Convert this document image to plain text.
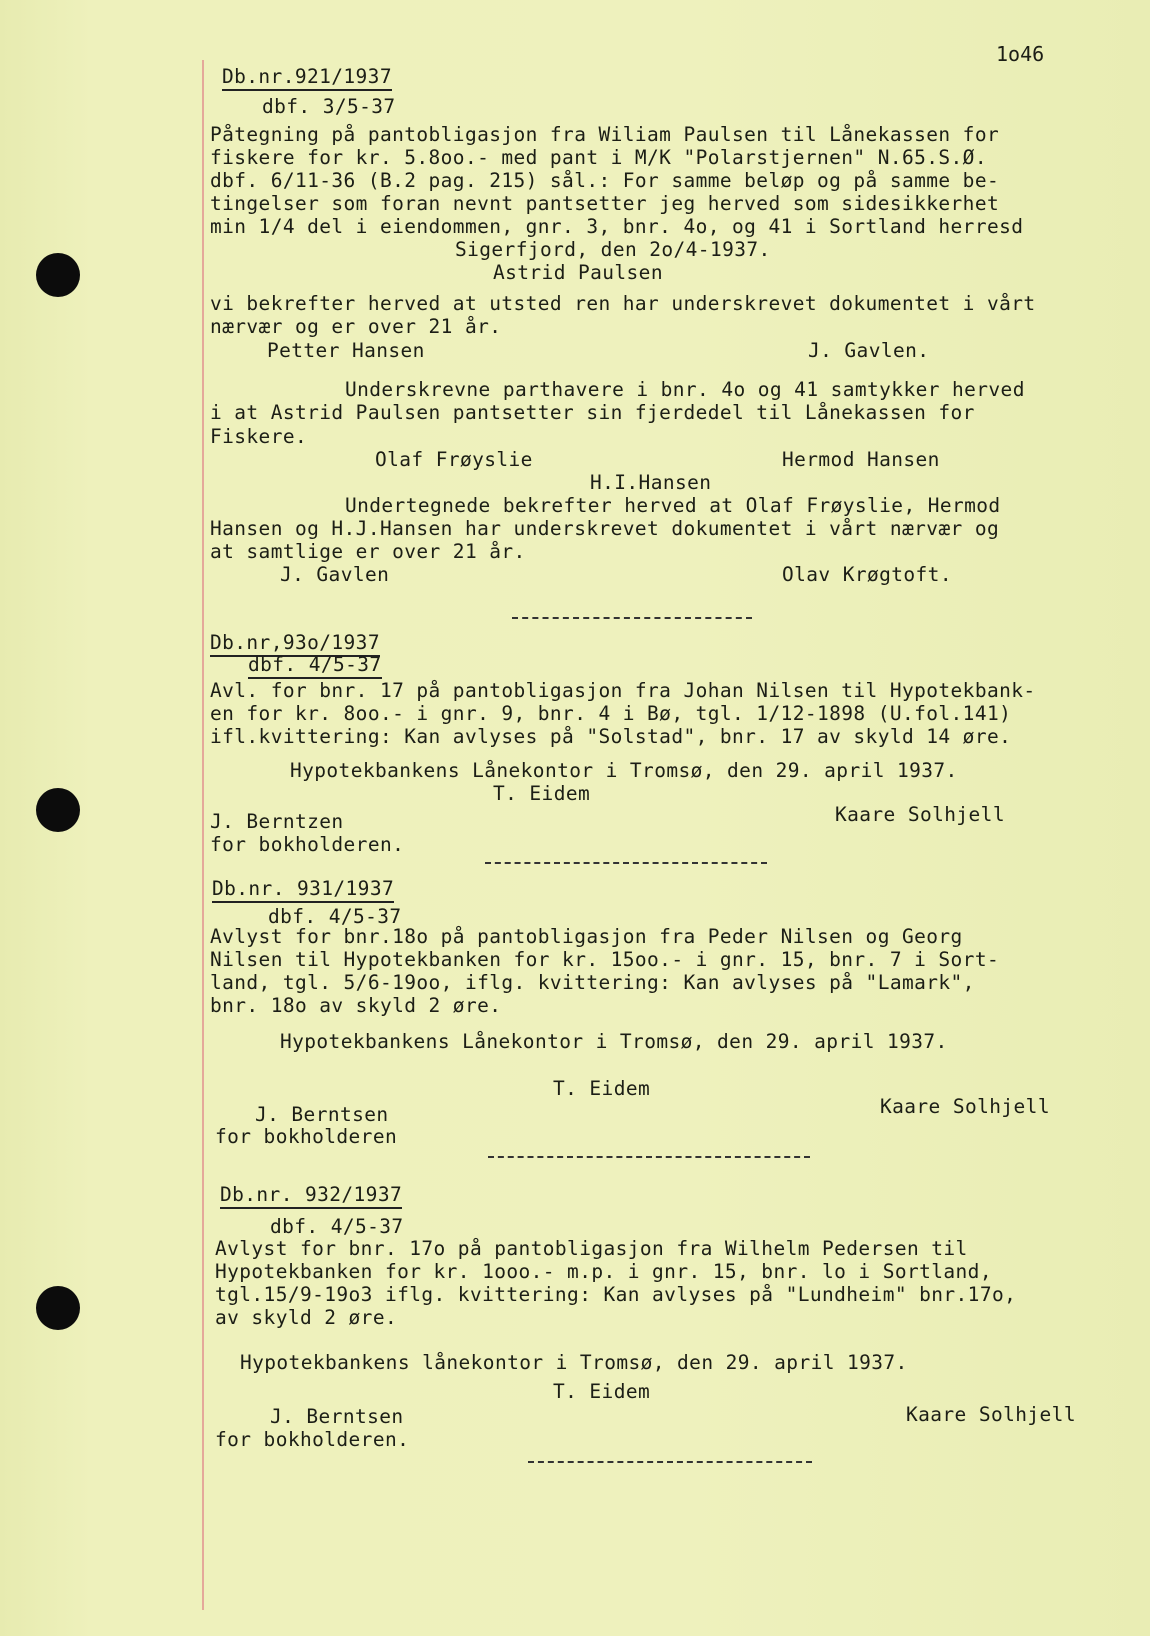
1o46
Db.nr.921/1937
dbf. 3/5-37
Påtegning på pantobligasjon fra Wiliam Paulsen til Lånekassen for
fiskere for kr. 5.8oo.- med pant i M/K "Polarstjernen" N.65.S.Ø.
dbf. 6/11-36 (B.2 pag. 215) sål.: For samme beløp og på samme be-
tingelser som foran nevnt pantsetter jeg herved som sidesikkerhet
min 1/4 del i eiendommen, gnr. 3, bnr. 4o, og 41 i Sortland herresd
Sigerfjord, den 2o/4-1937.
Astrid Paulsen
vi bekrefter herved at utsted ren har underskrevet dokumentet i vårt
nærvær og er over 21 år.
Petter Hansen	J. Gavlen.
Underskrevne parthavere i bnr. 4o og 41 samtykker herved
i at Astrid Paulsen pantsetter sin fjerdedel til Lånekassen for
Fiskere.
Olaf Frøyslie	Hermod Hansen
H.I.Hansen
Undertegnede bekrefter herved at Olaf Frøyslie, Hermod
Hansen og H.J.Hansen har underskrevet dokumentet i vårt nærvær og
at samtlige er over 21 år.
J. Gavlen	Olav Krøgtoft.
Db.nr,93o/1937
dbf. 4/5-37
Avl. for bnr. 17 på pantobligasjon fra Johan Nilsen til Hypotekbank-
en for kr. 8oo.- i gnr. 9, bnr. 4 i Bø, tgl. 1/12-1898 (U.fol.141)
ifl.kvittering: Kan avlyses på "Solstad", bnr. 17 av skyld 14 øre.
Hypotekbankens Lånekontor i Tromsø, den 29. april 1937.
T. Eidem
J. Berntzen	Kaare Solhjell
for bokholderen.
Db.nr. 931/1937
dbf. 4/5-37
Avlyst for bnr.18o på pantobligasjon fra Peder Nilsen og Georg
Nilsen til Hypotekbanken for kr. 15oo.- i gnr. 15, bnr. 7 i Sort-
land, tgl. 5/6-19oo, iflg. kvittering: Kan avlyses på "Lamark",
bnr. 18o av skyld 2 øre.
Hypotekbankens Lånekontor i Tromsø, den 29. april 1937.
T. Eidem
Kaare Solhjell
J. Berntsen
for bokholderen
Db.nr. 932/1937
dbf. 4/5-37
Avlyst for bnr. 17o på pantobligasjon fra Wilhelm Pedersen til
Hypotekbanken for kr. 1ooo.- m.p. i gnr. 15, bnr. lo i Sortland,
tgl.15/9-19o3 iflg. kvittering: Kan avlyses på "Lundheim" bnr.17o,
av skyld 2 øre.
Hypotekbankens lånekontor i Tromsø, den 29. april 1937.
T. Eidem
J. Berntsen	Kaare Solhjell
for bokholderen.
